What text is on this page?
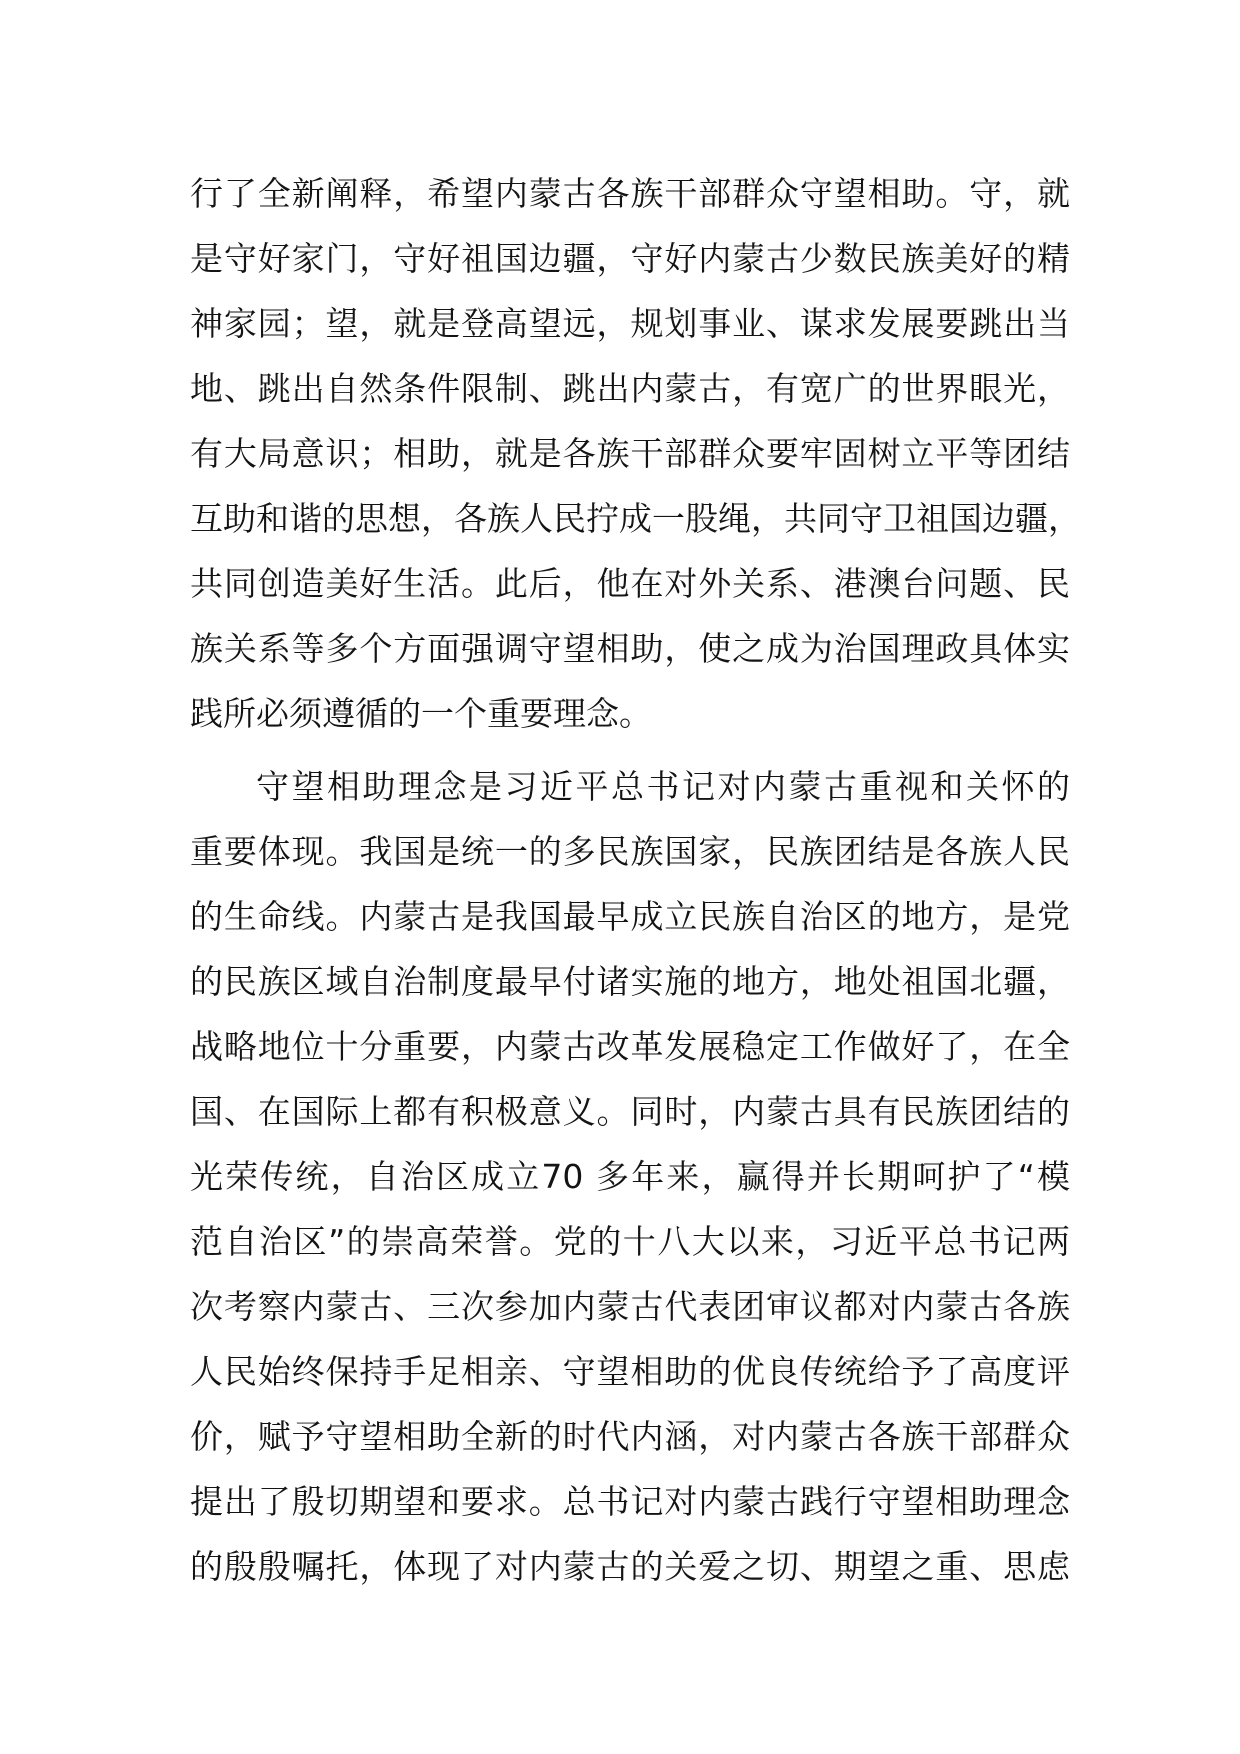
行了全新阐释，希望内蒙古各族干部群众守望相助。守，就
是守好家门，守好祖国边疆，守好内蒙古少数民族美好的精
神家园；望，就是登高望远，规划事业、谋求发展要跳出当
地、跳出自然条件限制、跳出内蒙古，有宽广的世界眼光，
有大局意识；相助，就是各族干部群众要牢固树立平等团结
互助和谐的思想，各族人民拧成一股绳，共同守卫祖国边疆，
共同创造美好生活。此后，他在对外关系、港澳台问题、民
族关系等多个方面强调守望相助，使之成为治国理政具体实
践所必须遵循的一个重要理念。
守望相助理念是习近平总书记对内蒙古重视和关怀的
重要体现。我国是统一的多民族国家，民族团结是各族人民
的生命线。内蒙古是我国最早成立民族自治区的地方，是党
的民族区域自治制度最早付诸实施的地方，地处祖国北疆，
战略地位十分重要，内蒙古改革发展稳定工作做好了，在全
国、在国际上都有积极意义。同时，内蒙古具有民族团结的
光荣传统，自治区成立70 多年来，赢得并长期呵护了“模
范自治区”的崇高荣誉。党的十八大以来，习近平总书记两
次考察内蒙古、三次参加内蒙古代表团审议都对内蒙古各族
人民始终保持手足相亲、守望相助的优良传统给予了高度评
价，赋予守望相助全新的时代内涵，对内蒙古各族干部群众
提出了殷切期望和要求。总书记对内蒙古践行守望相助理念
的殷殷嘱托，体现了对内蒙古的关爱之切、期望之重、思虑
